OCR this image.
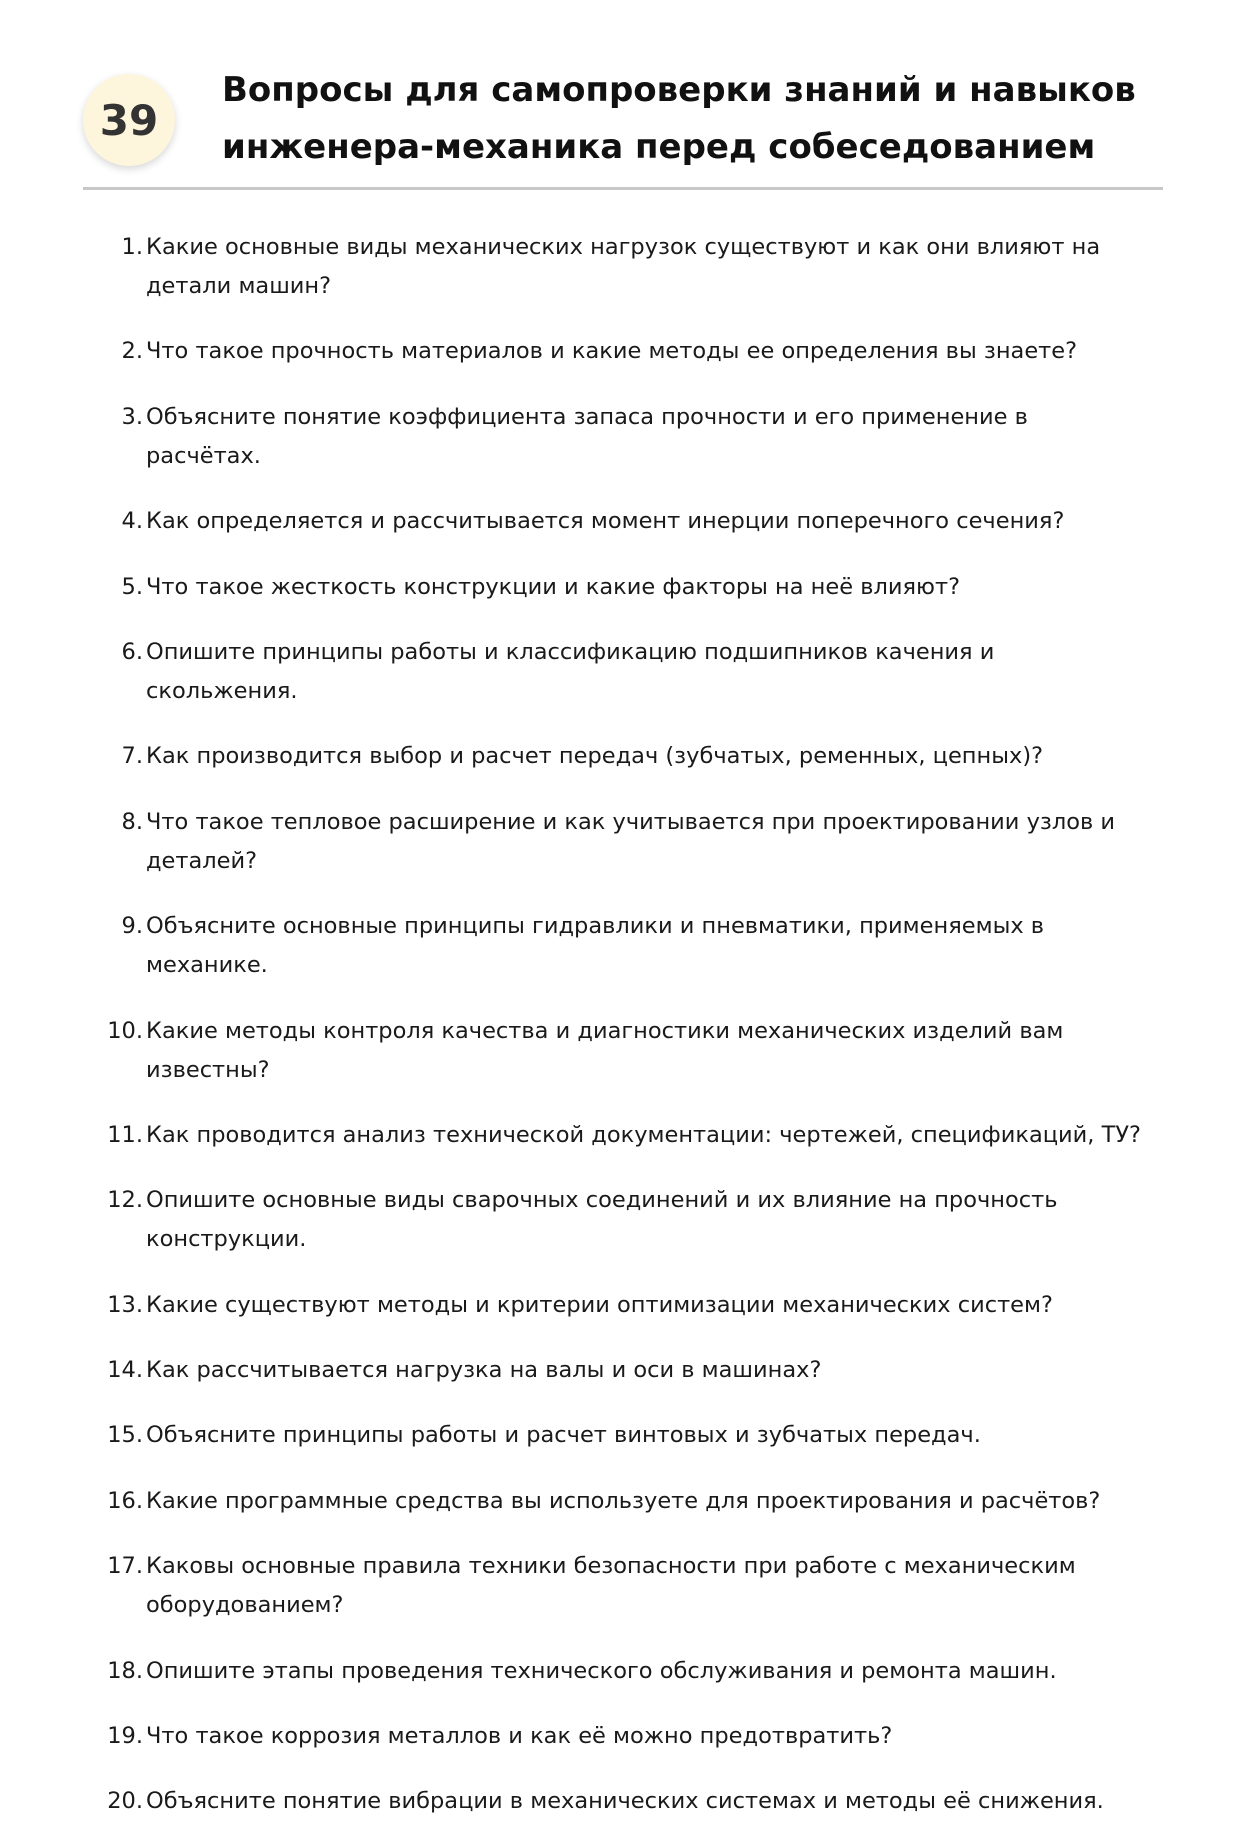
39
Вопросы для самопроверки знаний и навыков инженера-механика перед собеседованием
1. Какие основные виды механических нагрузок существуют и как они влияют на детали машин?
2. Что такое прочность материалов и какие методы ее определения вы знаете?
3. Объясните понятие коэффициента запаса прочности и его применение в расчётах.
4. Как определяется и рассчитывается момент инерции поперечного сечения?
5. Что такое жесткость конструкции и какие факторы на неё влияют?
6. Опишите принципы работы и классификацию подшипников качения и скольжения.
7. Как производится выбор и расчет передач (зубчатых, ременных, цепных)?
8. Что такое тепловое расширение и как учитывается при проектировании узлов и деталей?
9. Объясните основные принципы гидравлики и пневматики, применяемых в механике.
10. Какие методы контроля качества и диагностики механических изделий вам известны?
11. Как проводится анализ технической документации: чертежей, спецификаций, ТУ?
12. Опишите основные виды сварочных соединений и их влияние на прочность конструкции.
13. Какие существуют методы и критерии оптимизации механических систем?
14. Как рассчитывается нагрузка на валы и оси в машинах?
15. Объясните принципы работы и расчет винтовых и зубчатых передач.
16. Какие программные средства вы используете для проектирования и расчётов?
17. Каковы основные правила техники безопасности при работе с механическим оборудованием?
18. Опишите этапы проведения технического обслуживания и ремонта машин.
19. Что такое коррозия металлов и как её можно предотвратить?
20. Объясните понятие вибрации в механических системах и методы её снижения.
